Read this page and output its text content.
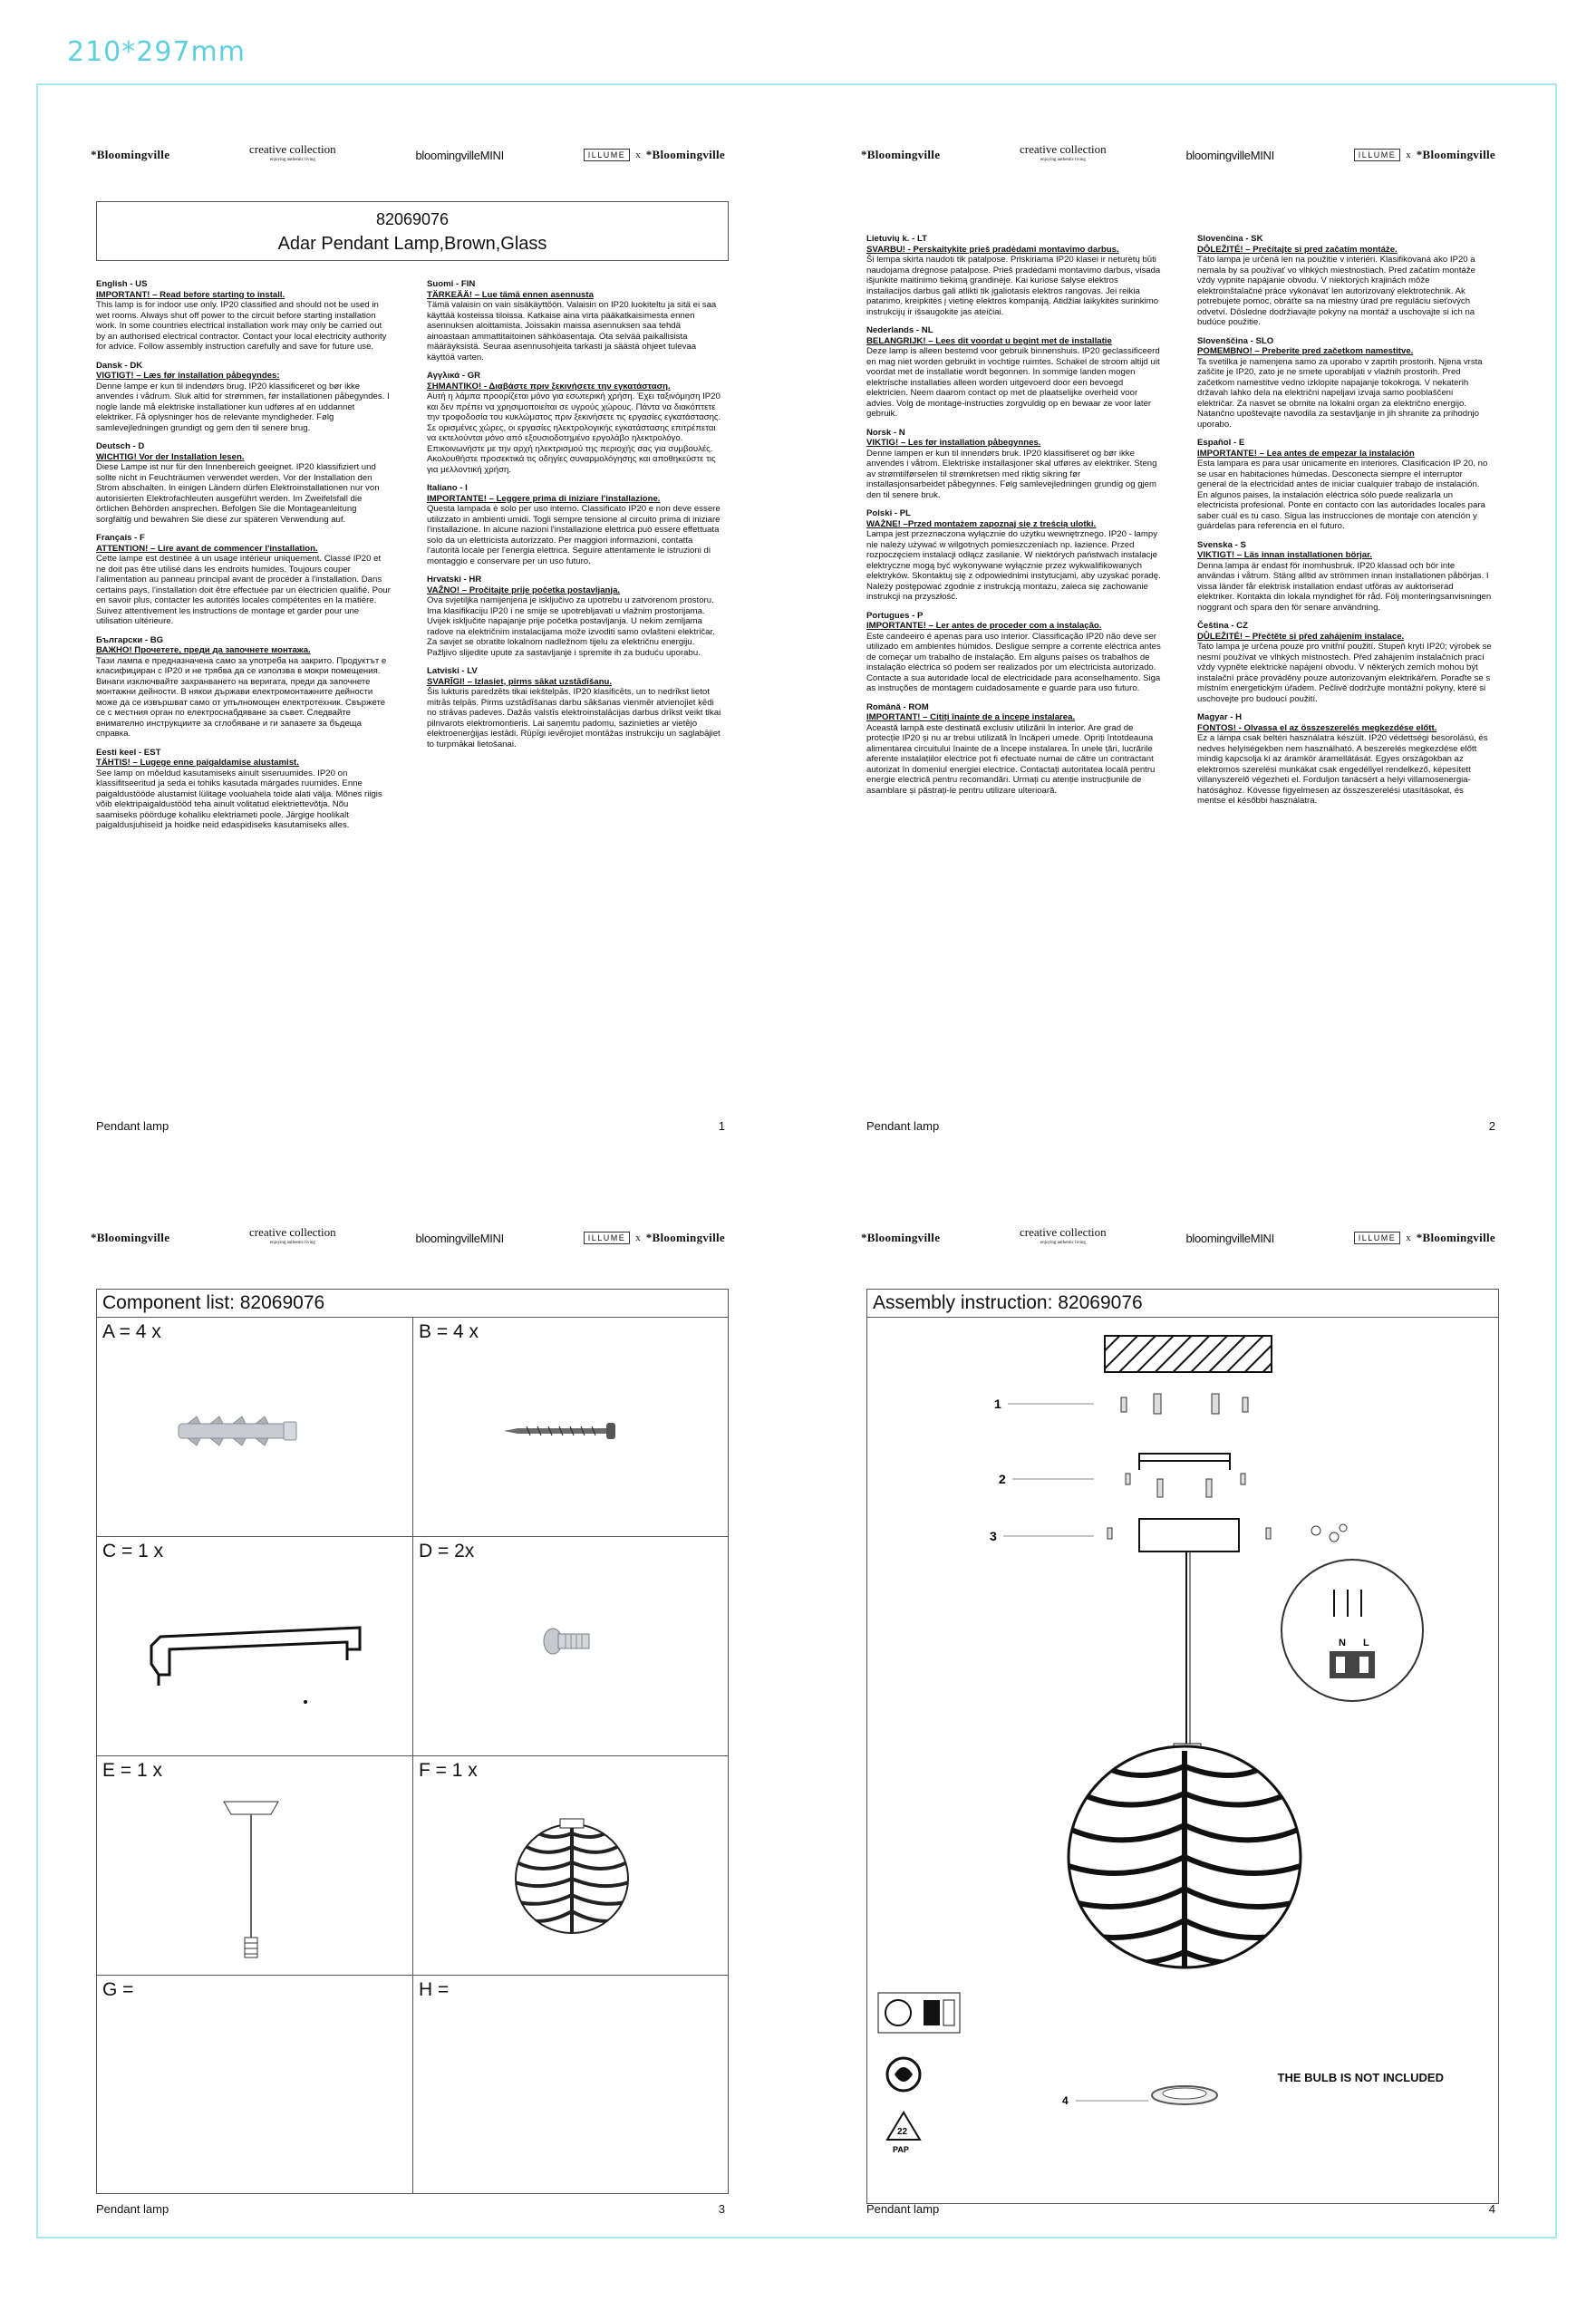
210*297mm
*Bloomingville	creative collection
enjoying authentic living	bloomingvilleMINI	ILLUME	x *Bloomingville
82069076
Adar Pendant Lamp,Brown,Glass
English - US
IMPORTANT! – Read before starting to install.
This lamp is for indoor use only. IP20 classified and should not be used in wet rooms. Always shut off power to the circuit before starting installation work. In some countries electrical installation work may only be carried out by an authorised electrical contractor. Contact your local electricity authority for advice. Follow assembly instruction carefully and save for future use.
Dansk - DK
VIGTIGT! – Læs før installation påbegyndes:
Denne lampe er kun til indendørs brug. IP20 klassificeret og bør ikke anvendes i vådrum. Sluk altid for strømmen, før installationen påbegyndes. I nogle lande må elektriske installationer kun udføres af en uddannet elektriker. Få oplysninger hos de relevante myndigheder. Følg samlevejledningen grundigt og gem den til senere brug.
Deutsch - D
WICHTIG! Vor der Installation lesen.
Diese Lampe ist nur für den Innenbereich geeignet. IP20 klassifiziert und sollte nicht in Feuchträumen verwendet werden. Vor der Installation den Strom abschalten. In einigen Ländern dürfen Elektroinstallationen nur von autorisierten Elektrofachleuten ausgeführt werden. Im Zweifelsfall die örtlichen Behörden ansprechen. Befolgen Sie die Montageanleitung sorgfältig und bewahren Sie diese zur späteren Verwendung auf.
Français - F
ATTENTION! – Lire avant de commencer l'installation.
Cette lampe est destinée à un usage intérieur uniquement. Classé IP20 et ne doit pas être utilisé dans les endroits humides. Toujours couper l'alimentation au panneau principal avant de procéder à l'installation. Dans certains pays, l'installation doit être effectuée par un électricien qualifié. Pour en savoir plus, contacter les autorités locales compétentes en la matière. Suivez attentivement les instructions de montage et garder pour une utilisation ultérieure.
Български - BG
ВАЖНО! Прочетете, преди да започнете монтажа.
Тази лампа е предназначена само за употреба на закрито. Продуктът е класифициран с IP20 и не трябва да се използва в мокри помещения. Винаги изключвайте захранването на веригата, преди да започнете монтажни дейности. В някои държави електромонтажните дейности може да се извършват само от упълномощен електротехник. Свържете се с местния орган по електроснабдяване за съвет. Следвайте внимателно инструкциите за сглобяване и ги запазете за бъдеща справка.
Eesti keel - EST
TÄHTIS! – Lugege enne paigaldamise alustamist.
See lamp on mõeldud kasutamiseks ainult siseruumides. IP20 on klassifitseeritud ja seda ei tohiks kasutada märgades ruumides. Enne paigaldustööde alustamist lülitage vooluahela toide alati välja. Mõnes riigis võib elektripaigaldustööd teha ainult volitatud elektriettevõtja. Nõu saamiseks pöörduge kohaliku elektriameti poole. Järgige hoolikalt paigaldusjuhiseid ja hoidke neid edaspidiseks kasutamiseks alles.
Suomi - FIN
TÄRKEÄÄ! – Lue tämä ennen asennusta
Tämä valaisin on vain sisäkäyttöön. Valaisin on IP20 luokiteltu ja sitä ei saa käyttää kosteissa tiloissa. Katkaise aina virta pääkatkaisimesta ennen asennuksen aloittamista. Joissakin maissa asennuksen saa tehdä ainoastaan ammattitaitoinen sähköasentaja. Ota selvää paikallisista määräyksistä. Seuraa asennusohjeita tarkasti ja säästä ohjeet tulevaa käyttöä varten.
Αγγλικά - GR
ΣΗΜΑΝΤΙΚΟ! - Διαβάστε πριν ξεκινήσετε την εγκατάσταση.
Αυτή η λάμπα προορίζεται μόνο για εσωτερική χρήση. Έχει ταξινόμηση IP20 και δεν πρέπει να χρησιμοποιείται σε υγρούς χώρους. Πάντα να διακόπτετε την τροφοδοσία του κυκλώματος πριν ξεκινήσετε τις εργασίες εγκατάστασης. Σε ορισμένες χώρες, οι εργασίες ηλεκτρολογικής εγκατάστασης επιτρέπεται να εκτελούνται μόνο από εξουσιοδοτημένο εργολάβο ηλεκτρολόγο. Επικοινωνήστε με την αρχή ηλεκτρισμού της περιοχής σας για συμβουλές. Ακολουθήστε προσεκτικά τις οδηγίες συναρμολόγησης και αποθηκεύστε τις για μελλοντική χρήση.
Italiano - I
IMPORTANTE! – Leggere prima di iniziare l'installazione.
Questa lampada è solo per uso interno. Classificato IP20 e non deve essere utilizzato in ambienti umidi. Togli sempre tensione al circuito prima di iniziare l'installazione. In alcune nazioni l'installazione elettrica può essere effettuata solo da un elettricista autorizzato. Per maggiori informazioni, contatta l'autorità locale per l'energia elettrica. Seguire attentamente le istruzioni di montaggio e conservare per un uso futuro.
Hrvatski - HR
VAŽNO! – Pročitajte prije početka postavljanja.
Ova svjetiljka namijenjena je isključivo za upotrebu u zatvorenom prostoru. Ima klasifikaciju IP20 i ne smije se upotrebljavati u vlažnim prostorijama. Uvijek isključite napajanje prije početka postavljanja. U nekim zemljama radove na električnim instalacijama može izvoditi samo ovlašteni električar. Za savjet se obratite lokalnom nadležnom tijelu za električnu energiju. Pažljivo slijedite upute za sastavljanje i spremite ih za buduću uporabu.
Latviski - LV
SVARĪGI! – Izlasiet, pirms sākat uzstādīšanu.
Šis lukturis paredzēts tikai iekštelpās. IP20 klasificēts, un to nedrīkst lietot mitrās telpās. Pirms uzstādīšanas darbu sākšanas vienmēr atvienojiet ķēdi no strāvas padeves. Dažās valstīs elektroinstalācijas darbus drīkst veikt tikai pilnvarots elektromontieris. Lai saņemtu padomu, sazinieties ar vietējo elektroenerģijas iestādi. Rūpīgi ievērojiet montāžas instrukciju un saglabājiet to turpmākai lietošanai.
Pendant lamp	1
*Bloomingville	creative collection
enjoying authentic living	bloomingvilleMINI	ILLUME	x *Bloomingville
Lietuvių k. - LT
SVARBU! - Perskaitykite prieš pradėdami montavimo darbus.
Ši lempa skirta naudoti tik patalpose. Priskiriama IP20 klasei ir neturėtų būti naudojama drėgnose patalpose. Prieš pradėdami montavimo darbus, visada išjunkite maitinimo tiekimą grandinėje. Kai kuriose šalyse elektros instaliacijos darbus gali atlikti tik įgaliotasis elektros rangovas. Jei reikia patarimo, kreipkitės į vietinę elektros kompaniją. Atidžiai laikykitės surinkimo instrukcijų ir išsaugokite jas ateičiai.
Nederlands - NL
BELANGRIJK! – Lees dit voordat u begint met de installatie
Deze lamp is alleen bestemd voor gebruik binnenshuis. IP20 geclassificeerd en mag niet worden gebruikt in vochtige ruimtes. Schakel de stroom altijd uit voordat met de installatie wordt begonnen. In sommige landen mogen elektrische installaties alleen worden uitgevoerd door een bevoegd elektricien. Neem daarom contact op met de plaatselijke overheid voor advies. Volg de montage-instructies zorgvuldig op en bewaar ze voor later gebruik.
Norsk - N
VIKTIG! – Les før installation påbegynnes.
Denne lampen er kun til innendørs bruk. IP20 klassifiseret og bør ikke anvendes i våtrom. Elektriske installasjoner skal utføres av elektriker. Steng av strømtilførselen til strømkretsen med riktig sikring før installasjonsarbeidet påbegynnes. Følg samlevejledningen grundig og gjem den til senere bruk.
Polski - PL
WAŻNE! –Przed montażem zapoznaj się z treścią ulotki.
Lampa jest przeznaczona wyłącznie do użytku wewnętrznego. IP20 - lampy nie należy używać w wilgotnych pomieszczeniach np. łazience. Przed rozpoczęciem instalacji odłącz zasilanie. W niektórych państwach instalacje elektryczne mogą być wykonywane wyłącznie przez wykwalifikowanych elektryków. Skontaktuj się z odpowiednimi instytucjami, aby uzyskać poradę. Należy postępować zgodnie z instrukcją montażu, zaleca się zachowanie instrukcji na przyszłość.
Portugues - P
IMPORTANTE! – Ler antes de proceder com a instalação.
Este candeeiro é apenas para uso interior. Classificação IP20 não deve ser utilizado em ambientes húmidos. Desligue sempre a corrente eléctrica antes de começar um trabalho de instalação. Em alguns países os trabalhos de instalação eléctrica só podem ser realizados por um electricista autorizado. Contacte a sua autoridade local de electricidade para aconselhamento. Siga as instruções de montagem cuidadosamente e guarde para uso futuro.
Română - ROM
IMPORTANT! – Citiți înainte de a începe instalarea.
Această lampă este destinată exclusiv utilizării în interior. Are grad de protecție IP20 și nu ar trebui utilizată în încăperi umede. Opriți întotdeauna alimentarea circuitului înainte de a începe instalarea. În unele țări, lucrările aferente instalațiilor electrice pot fi efectuate numai de către un contractant autorizat în domeniul energiei electrice. Contactați autoritatea locală pentru energie electrică pentru recomandări. Urmați cu atenție instrucțiunile de asamblare și păstrați-le pentru utilizare ulterioară.
Slovenčina - SK
DÔLEŽITÉ! – Prečítajte si pred začatím montáže.
Táto lampa je určená len na použitie v interiéri. Klasifikovaná ako IP20 a nemala by sa používať vo vlhkých miestnostiach. Pred začatím montáže vždy vypnite napájanie obvodu. V niektorých krajinách môže elektroinštalačné práce vykonávať len autorizovaný elektrotechnik. Ak potrebujete pomoc, obráťte sa na miestny úrad pre reguláciu sieťových odvetví. Dôsledne dodržiavajte pokyny na montáž a uschovajte si ich na budúce použitie.
Slovenščina - SLO
POMEMBNO! – Preberite pred začetkom namestitve.
Ta svetilka je namenjena samo za uporabo v zaprtih prostorih. Njena vrsta zaščite je IP20, zato je ne smete uporabljati v vlažnih prostorih. Pred začetkom namestitve vedno izklopite napajanje tokokroga. V nekaterih državah lahko dela na električni napeljavi izvaja samo pooblaščeni električar. Za nasvet se obrnite na lokalni organ za električno energijo. Natančno upoštevajte navodila za sestavljanje in jih shranite za prihodnjo uporabo.
Español - E
IMPORTANTE! – Lea antes de empezar la instalación
Esta lampara es para usar únicamente en interiores. Clasificación IP 20, no se usar en habitaciones húmedas. Desconecta siempre el interruptor general de la electricidad antes de iniciar cualquier trabajo de instalación. En algunos paises, la instalación eléctrica sólo puede realizarla un electricista profesional. Ponte en contacto con las autoridades locales para saber cuál es tu caso. Sigua las instrucciones de montaje con atención y guárdelas para referencia en el futuro.
Svenska - S
VIKTIGT! – Läs innan installationen börjar.
Denna lampa är endast för inomhusbruk. IP20 klassad och bör inte användas i våtrum. Stäng alltid av strömmen innan installationen påbörjas. I vissa länder får elektrisk installation endast utföras av auktoriserad elektriker. Kontakta din lokala myndighet för råd. Följ monteringsanvisningen noggrant och spara den för senare användning.
Čeština - CZ
DŮLEŽITÉ! – Přečtěte si před zahájením instalace.
Tato lampa je určena pouze pro vnitřní použití. Stupeň krytí IP20; výrobek se nesmí používat ve vlhkých místnostech. Před zahájením instalačních prací vždy vypněte elektrické napájení obvodu. V některých zemích mohou být instalační práce prováděny pouze autorizovaným elektrikářem. Poraďte se s místním energetickým úřadem. Pečlivě dodržujte montážní pokyny, které si uschovejte pro budoucí použití.
Magyar - H
FONTOS! - Olvassa el az összeszerelés megkezdése előtt.
Ez a lámpa csak beltéri használatra készült. IP20 védettségi besorolású, és nedves helyiségekben nem használható. A beszerelés megkezdése előtt mindig kapcsolja ki az áramkör áramellátását. Egyes országokban az elektromos szerelési munkákat csak engedéllyel rendelkező, képesített villanyszerelő végezheti el. Forduljon tanácsért a helyi villamosenergia-hatósághoz. Kövesse figyelmesen az összeszerelési utasításokat, és mentse el későbbi használatra.
Pendant lamp	2
*Bloomingville	creative collection
enjoying authentic living	bloomingvilleMINI	ILLUME	x *Bloomingville
Component list: 82069076
A = 4 x	B = 4 x
C = 1 x	D = 2x
E = 1 x	F = 1 x
G =	H =
Pendant lamp	3
*Bloomingville	creative collection
enjoying authentic living	bloomingvilleMINI	ILLUME	x *Bloomingville
Assembly instruction: 82069076
1
2
3
N L
4
22
PAP
THE BULB IS NOT INCLUDED
Pendant lamp	4
